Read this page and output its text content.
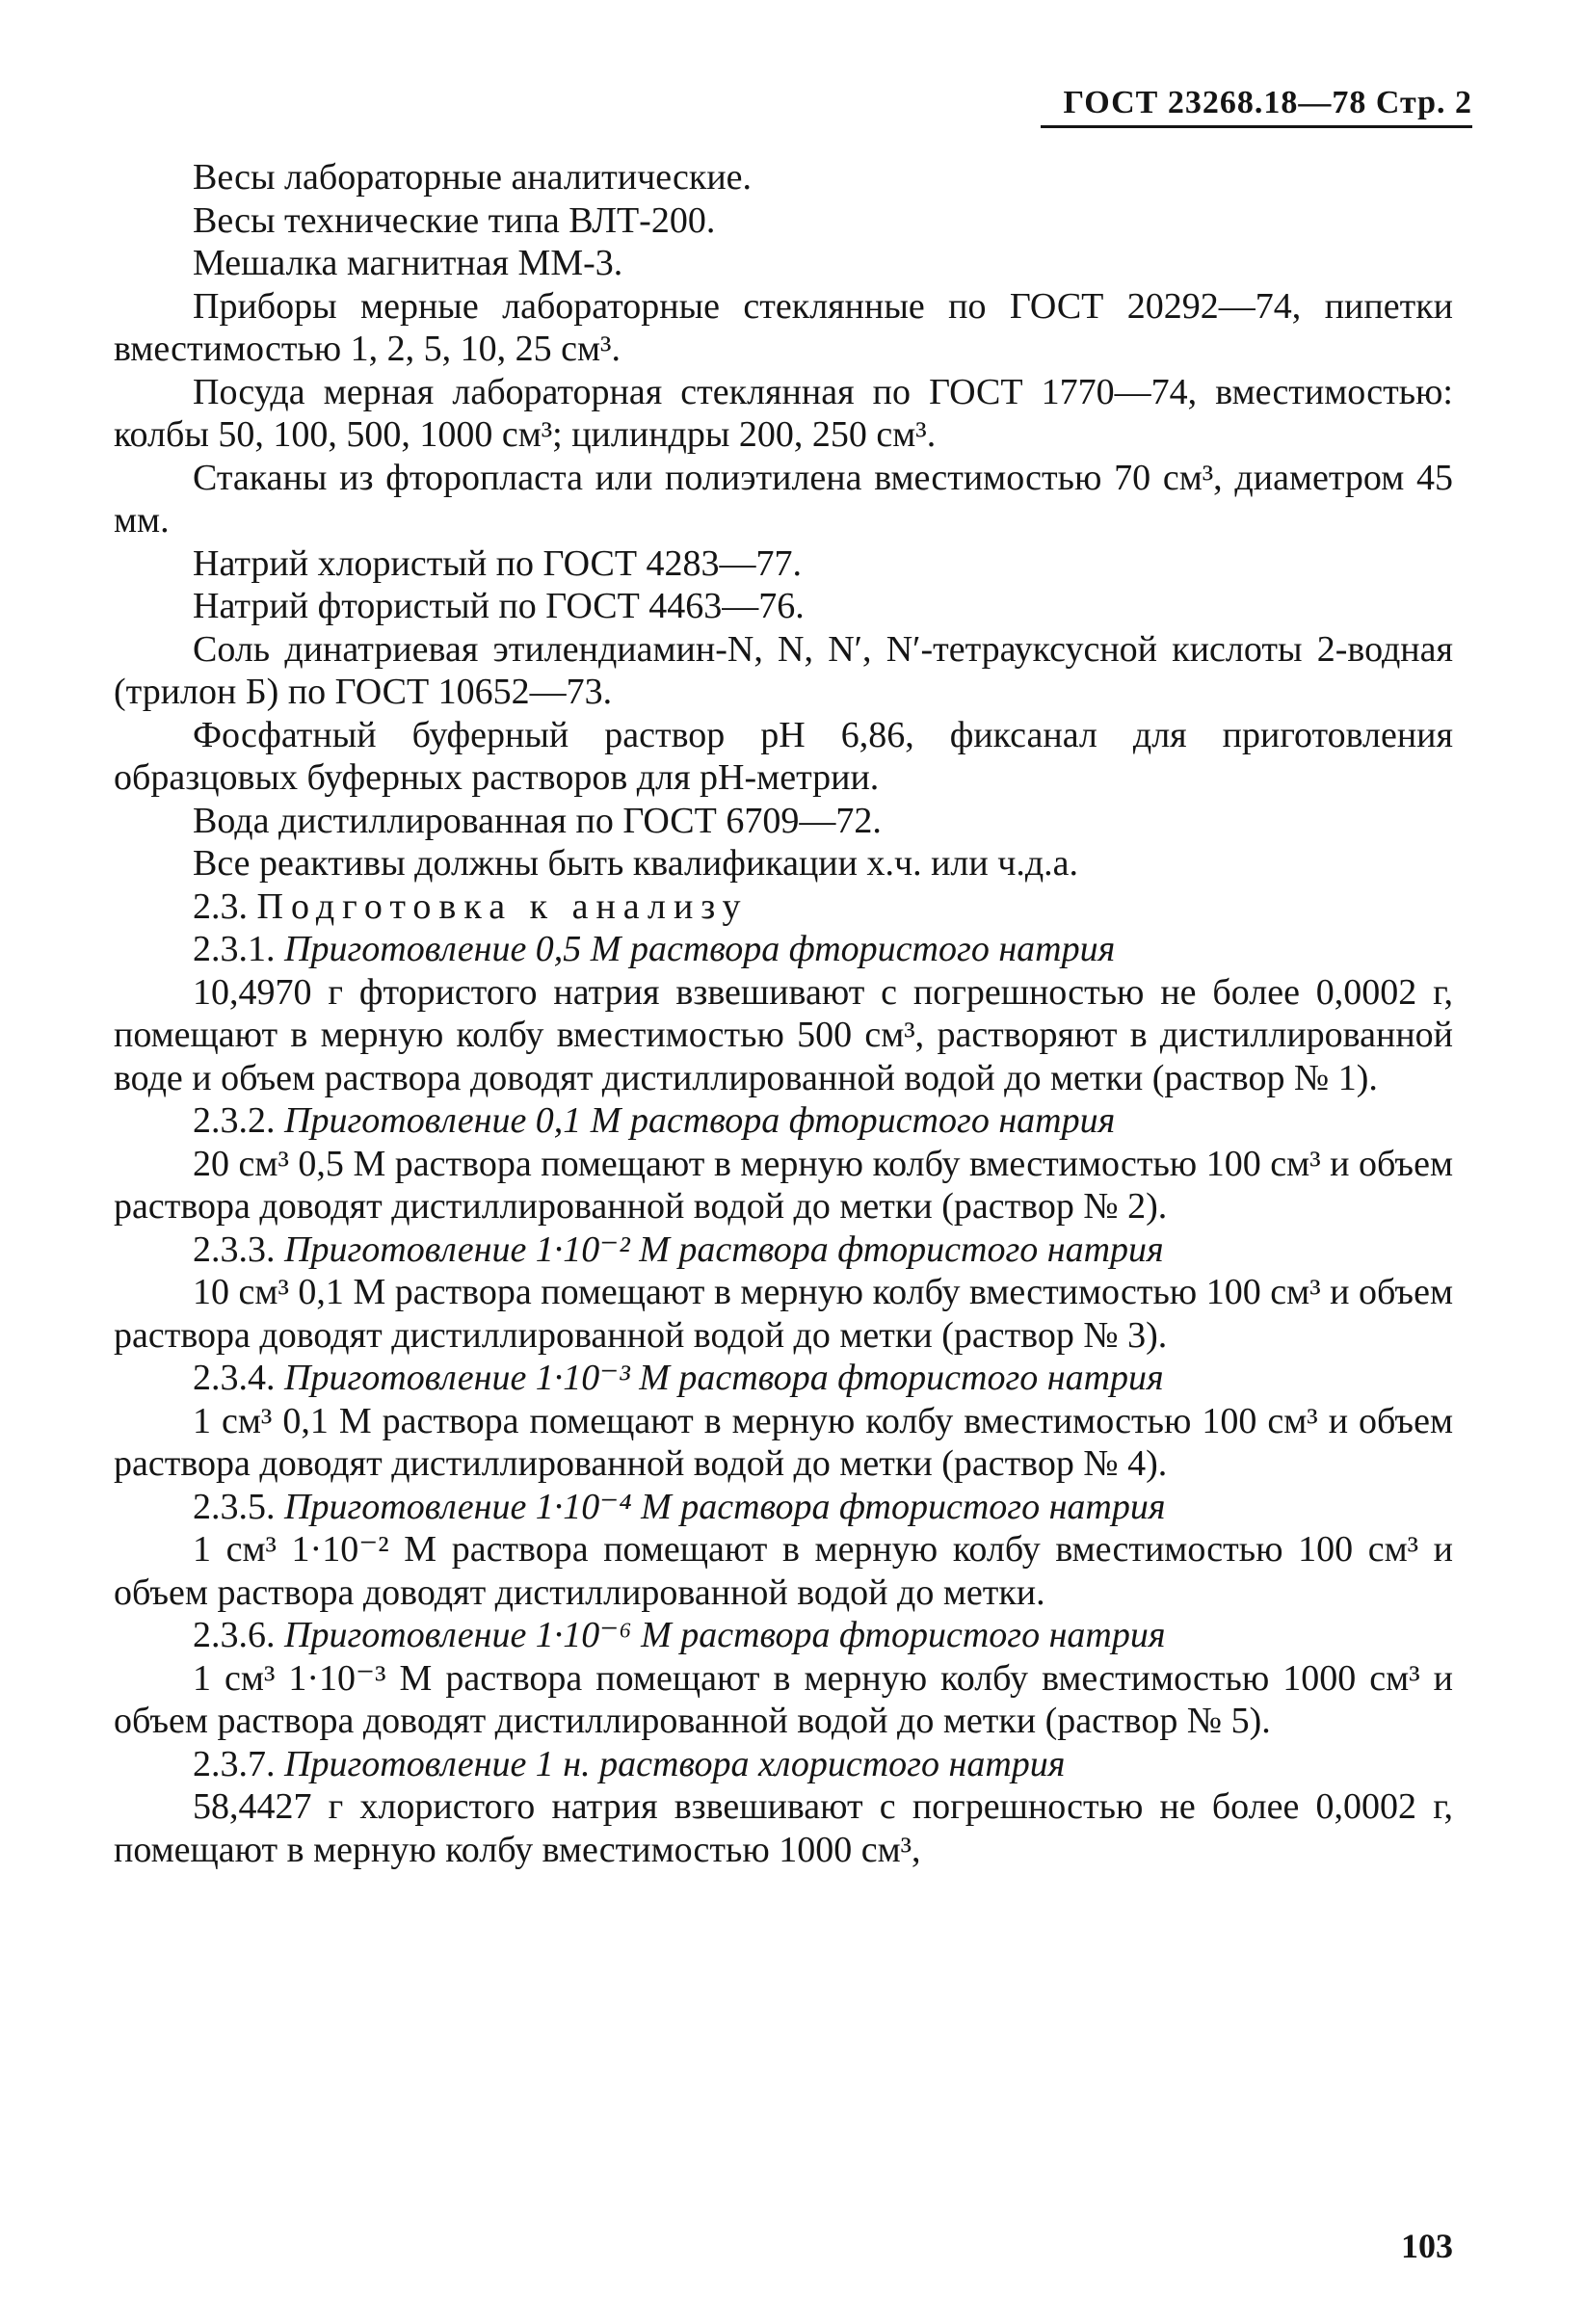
ГОСТ 23268.18—78 Стр. 2

Весы лабораторные аналитические.

Весы технические типа ВЛТ-200.

Мешалка магнитная ММ-3.

Приборы мерные лабораторные стеклянные по ГОСТ 20292—74, пипетки вместимостью 1, 2, 5, 10, 25 см³.

Посуда мерная лабораторная стеклянная по ГОСТ 1770—74, вместимостью: колбы 50, 100, 500, 1000 см³; цилиндры 200, 250 см³.

Стаканы из фторопласта или полиэтилена вместимостью 70 см³, диаметром 45 мм.

Натрий хлористый по ГОСТ 4283—77.

Натрий фтористый по ГОСТ 4463—76.

Соль динатриевая этилендиамин-N, N, N′, N′-тетрауксусной кислоты 2-водная (трилон Б) по ГОСТ 10652—73.

Фосфатный буферный раствор pH 6,86, фиксанал для приготовления образцовых буферных растворов для pH-метрии.

Вода дистиллированная по ГОСТ 6709—72.

Все реактивы должны быть квалификации х.ч. или ч.д.а.

2.3. Подготовка к анализу

2.3.1. Приготовление 0,5 М раствора фтористого натрия

10,4970 г фтористого натрия взвешивают с погрешностью не более 0,0002 г, помещают в мерную колбу вместимостью 500 см³, растворяют в дистиллированной воде и объем раствора доводят дистиллированной водой до метки (раствор № 1).

2.3.2. Приготовление 0,1 М раствора фтористого натрия

20 см³ 0,5 М раствора помещают в мерную колбу вместимостью 100 см³ и объем раствора доводят дистиллированной водой до метки (раствор № 2).

2.3.3. Приготовление 1·10⁻² М раствора фтористого натрия

10 см³ 0,1 М раствора помещают в мерную колбу вместимостью 100 см³ и объем раствора доводят дистиллированной водой до метки (раствор № 3).

2.3.4. Приготовление 1·10⁻³ М раствора фтористого натрия

1 см³ 0,1 М раствора помещают в мерную колбу вместимостью 100 см³ и объем раствора доводят дистиллированной водой до метки (раствор № 4).

2.3.5. Приготовление 1·10⁻⁴ М раствора фтористого натрия

1 см³ 1·10⁻² М раствора помещают в мерную колбу вместимостью 100 см³ и объем раствора доводят дистиллированной водой до метки.

2.3.6. Приготовление 1·10⁻⁶ М раствора фтористого натрия

1 см³ 1·10⁻³ М раствора помещают в мерную колбу вместимостью 1000 см³ и объем раствора доводят дистиллированной водой до метки (раствор № 5).

2.3.7. Приготовление 1 н. раствора хлористого натрия

58,4427 г хлористого натрия взвешивают с погрешностью не более 0,0002 г, помещают в мерную колбу вместимостью 1000 см³,

103
